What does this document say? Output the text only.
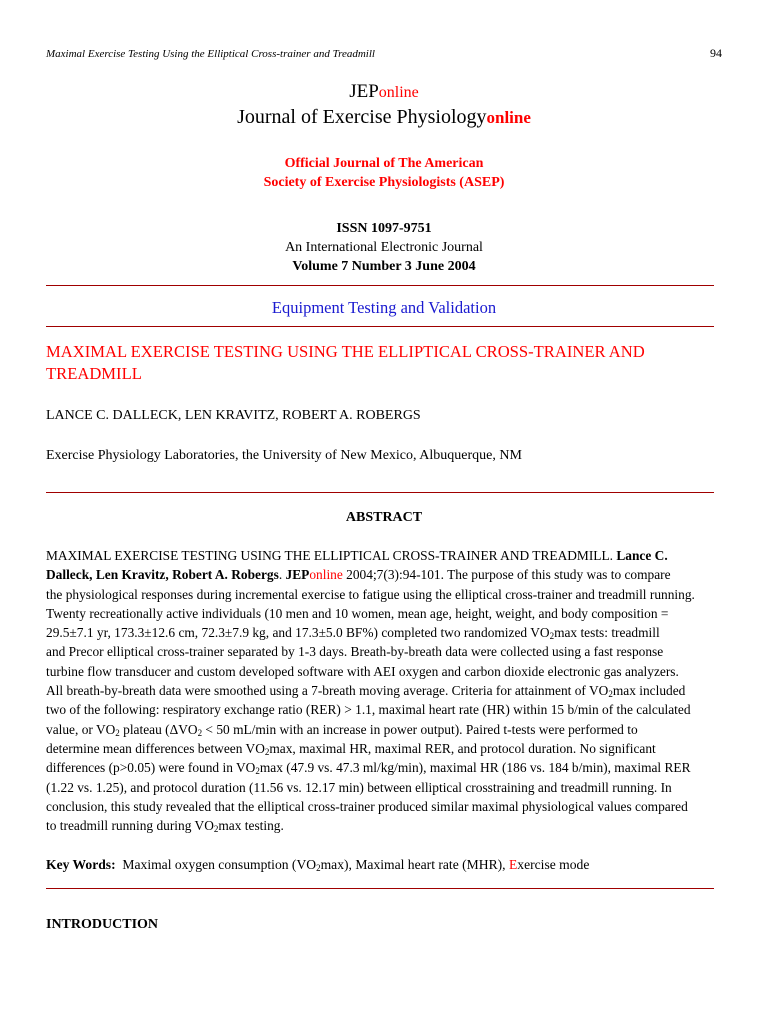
Maximal Exercise Testing Using the Elliptical Cross-trainer and Treadmill	94
JEPonline
Journal of Exercise Physiologyonline
Official Journal of The American
Society of Exercise Physiologists (ASEP)
ISSN 1097-9751
An International Electronic Journal
Volume 7 Number 3 June 2004
Equipment Testing and Validation
MAXIMAL EXERCISE TESTING USING THE ELLIPTICAL CROSS-TRAINER AND
TREADMILL
LANCE C. DALLECK, LEN KRAVITZ, ROBERT A. ROBERGS
Exercise Physiology Laboratories, the University of New Mexico, Albuquerque, NM
ABSTRACT
MAXIMAL EXERCISE TESTING USING THE ELLIPTICAL CROSS-TRAINER AND TREADMILL. Lance C.
Dalleck, Len Kravitz, Robert A. Robergs. JEPonline 2004;7(3):94-101. The purpose of this study was to compare
the physiological responses during incremental exercise to fatigue using the elliptical cross-trainer and treadmill running.
Twenty recreationally active individuals (10 men and 10 women, mean age, height, weight, and body composition =
29.5±7.1 yr, 173.3±12.6 cm, 72.3±7.9 kg, and 17.3±5.0 BF%) completed two randomized $VO_2\max$ tests: treadmill
and Precor elliptical cross-trainer separated by 1-3 days. Breath-by-breath data were collected using a fast response
turbine flow transducer and custom developed software with AEI oxygen and carbon dioxide electronic gas analyzers.
All breath-by-breath data were smoothed using a 7-breath moving average. Criteria for attainment of $VO_2\max$ included
two of the following: respiratory exchange ratio (RER) > 1.1, maximal heart rate (HR) within 15 b/min of the calculated
value, or $VO_2$ plateau ($\Delta VO_2 < 50$ mL/min with an increase in power output). Paired t-tests were performed to
determine mean differences between $VO_2\max$, maximal HR, maximal RER, and protocol duration. No significant
differences (p>0.05) were found in $VO_2\max$ (47.9 vs. 47.3 ml/kg/min), maximal HR (186 vs. 184 b/min), maximal RER
(1.22 vs. 1.25), and protocol duration (11.56 vs. 12.17 min) between elliptical crosstraining and treadmill running. In
conclusion, this study revealed that the elliptical cross-trainer produced similar maximal physiological values compared
to treadmill running during $VO_2\max$ testing.
Key Words:  Maximal oxygen consumption $(VO_2\max)$, Maximal heart rate (MHR), Exercise mode
INTRODUCTION
